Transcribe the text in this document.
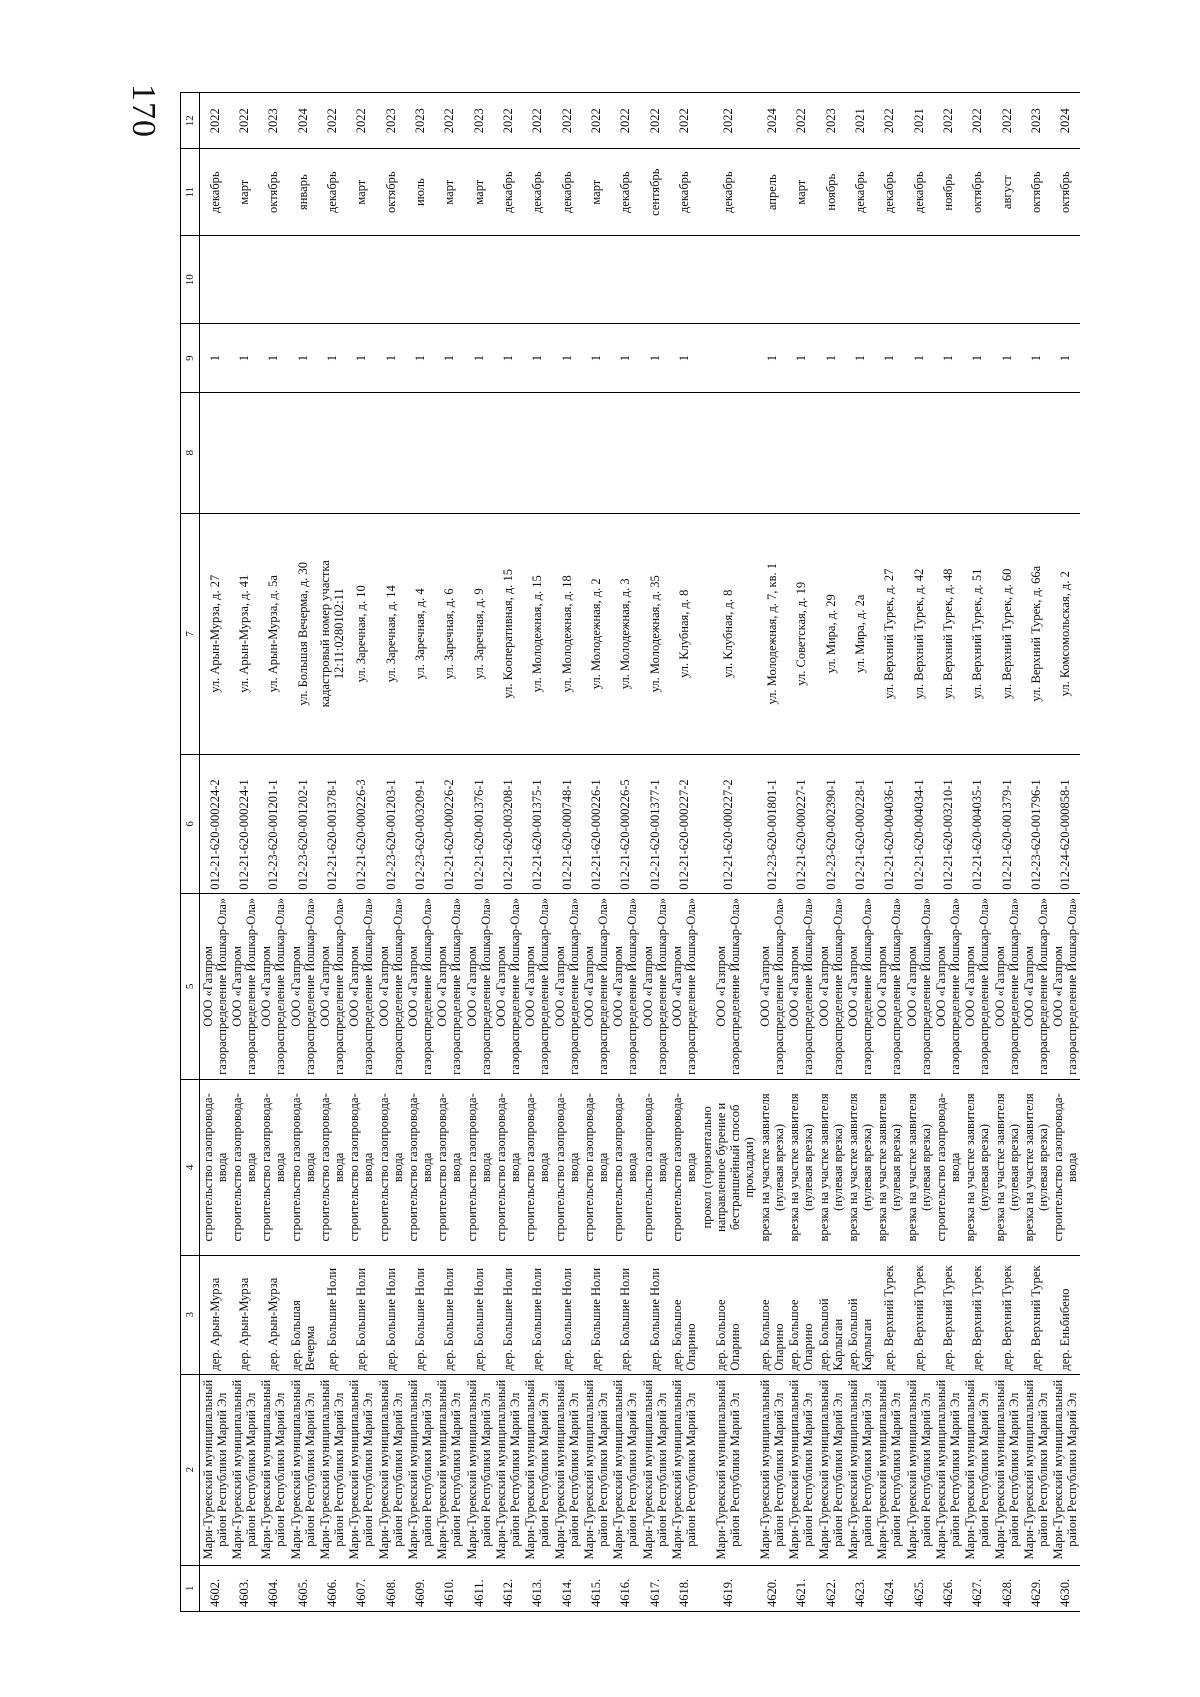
170
1	2	3	4	5	6	7	8	9	10	11	12
4602.	Мари-Турекский муниципальный район Республики Марий Эл	дер. Арын-Мурза	строительство газопровода-ввода	ООО «Газпром газораспределение Йошкар-Ола»	012-21-620-000224-2	ул. Арын-Мурза, д. 27		1		декабрь	2022
4603.	Мари-Турекский муниципальный район Республики Марий Эл	дер. Арын-Мурза	строительство газопровода-ввода	ООО «Газпром газораспределение Йошкар-Ола»	012-21-620-000224-1	ул. Арын-Мурза, д. 41		1		март	2022
4604.	Мари-Турекский муниципальный район Республики Марий Эл	дер. Арын-Мурза	строительство газопровода-ввода	ООО «Газпром газораспределение Йошкар-Ола»	012-23-620-001201-1	ул. Арын-Мурза, д. 5а		1		октябрь	2023
4605.	Мари-Турекский муниципальный район Республики Марий Эл	дер. Большая Вечерма	строительство газопровода-ввода	ООО «Газпром газораспределение Йошкар-Ола»	012-23-620-001202-1	ул. Большая Вечерма, д. 30		1		январь	2024
4606.	Мари-Турекский муниципальный район Республики Марий Эл	дер. Большие Ноли	строительство газопровода-ввода	ООО «Газпром газораспределение Йошкар-Ола»	012-21-620-001378-1	кадастровый номер участка 12:11:0280102:11		1		декабрь	2022
4607.	Мари-Турекский муниципальный район Республики Марий Эл	дер. Большие Ноли	строительство газопровода-ввода	ООО «Газпром газораспределение Йошкар-Ола»	012-21-620-000226-3	ул. Заречная, д. 10		1		март	2022
4608.	Мари-Турекский муниципальный район Республики Марий Эл	дер. Большие Ноли	строительство газопровода-ввода	ООО «Газпром газораспределение Йошкар-Ола»	012-23-620-001203-1	ул. Заречная, д. 14		1		октябрь	2023
4609.	Мари-Турекский муниципальный район Республики Марий Эл	дер. Большие Ноли	строительство газопровода-ввода	ООО «Газпром газораспределение Йошкар-Ола»	012-23-620-003209-1	ул. Заречная, д. 4		1		июль	2023
4610.	Мари-Турекский муниципальный район Республики Марий Эл	дер. Большие Ноли	строительство газопровода-ввода	ООО «Газпром газораспределение Йошкар-Ола»	012-21-620-000226-2	ул. Заречная, д. 6		1		март	2022
4611.	Мари-Турекский муниципальный район Республики Марий Эл	дер. Большие Ноли	строительство газопровода-ввода	ООО «Газпром газораспределение Йошкар-Ола»	012-21-620-001376-1	ул. Заречная, д. 9		1		март	2023
4612.	Мари-Турекский муниципальный район Республики Марий Эл	дер. Большие Ноли	строительство газопровода-ввода	ООО «Газпром газораспределение Йошкар-Ола»	012-21-620-003208-1	ул. Кооперативная, д. 15		1		декабрь	2022
4613.	Мари-Турекский муниципальный район Республики Марий Эл	дер. Большие Ноли	строительство газопровода-ввода	ООО «Газпром газораспределение Йошкар-Ола»	012-21-620-001375-1	ул. Молодежная, д. 15		1		декабрь	2022
4614.	Мари-Турекский муниципальный район Республики Марий Эл	дер. Большие Ноли	строительство газопровода-ввода	ООО «Газпром газораспределение Йошкар-Ола»	012-21-620-000748-1	ул. Молодежная, д. 18		1		декабрь	2022
4615.	Мари-Турекский муниципальный район Республики Марий Эл	дер. Большие Ноли	строительство газопровода-ввода	ООО «Газпром газораспределение Йошкар-Ола»	012-21-620-000226-1	ул. Молодежная, д. 2		1		март	2022
4616.	Мари-Турекский муниципальный район Республики Марий Эл	дер. Большие Ноли	строительство газопровода-ввода	ООО «Газпром газораспределение Йошкар-Ола»	012-21-620-000226-5	ул. Молодежная, д. 3		1		декабрь	2022
4617.	Мари-Турекский муниципальный район Республики Марий Эл	дер. Большие Ноли	строительство газопровода-ввода	ООО «Газпром газораспределение Йошкар-Ола»	012-21-620-001377-1	ул. Молодежная, д. 35		1		сентябрь	2022
4618.	Мари-Турекский муниципальный район Республики Марий Эл	дер. Большое Опарино	строительство газопровода-ввода	ООО «Газпром газораспределение Йошкар-Ола»	012-21-620-000227-2	ул. Клубная, д. 8		1		декабрь	2022
4619.	Мари-Турекский муниципальный район Республики Марий Эл	дер. Большое Опарино	прокол (горизонтально направленное бурение и бестраншейный способ прокладки)	ООО «Газпром газораспределение Йошкар-Ола»	012-21-620-000227-2	ул. Клубная, д. 8				декабрь	2022
4620.	Мари-Турекский муниципальный район Республики Марий Эл	дер. Большое Опарино	врезка на участке заявителя (нулевая врезка)	ООО «Газпром газораспределение Йошкар-Ола»	012-23-620-001801-1	ул. Молодежная, д. 7, кв. 1		1		апрель	2024
4621.	Мари-Турекский муниципальный район Республики Марий Эл	дер. Большое Опарино	врезка на участке заявителя (нулевая врезка)	ООО «Газпром газораспределение Йошкар-Ола»	012-21-620-000227-1	ул. Советская, д. 19		1		март	2022
4622.	Мари-Турекский муниципальный район Республики Марий Эл	дер. Большой Карлыган	врезка на участке заявителя (нулевая врезка)	ООО «Газпром газораспределение Йошкар-Ола»	012-23-620-002390-1	ул. Мира, д. 29		1		ноябрь	2023
4623.	Мари-Турекский муниципальный район Республики Марий Эл	дер. Большой Карлыган	врезка на участке заявителя (нулевая врезка)	ООО «Газпром газораспределение Йошкар-Ола»	012-21-620-000228-1	ул. Мира, д. 2а		1		декабрь	2021
4624.	Мари-Турекский муниципальный район Республики Марий Эл	дер. Верхний Турек	врезка на участке заявителя (нулевая врезка)	ООО «Газпром газораспределение Йошкар-Ола»	012-21-620-004036-1	ул. Верхний Турек, д. 27		1		декабрь	2022
4625.	Мари-Турекский муниципальный район Республики Марий Эл	дер. Верхний Турек	врезка на участке заявителя (нулевая врезка)	ООО «Газпром газораспределение Йошкар-Ола»	012-21-620-004034-1	ул. Верхний Турек, д. 42		1		декабрь	2021
4626.	Мари-Турекский муниципальный район Республики Марий Эл	дер. Верхний Турек	строительство газопровода-ввода	ООО «Газпром газораспределение Йошкар-Ола»	012-21-620-003210-1	ул. Верхний Турек, д. 48		1		ноябрь	2022
4627.	Мари-Турекский муниципальный район Республики Марий Эл	дер. Верхний Турек	врезка на участке заявителя (нулевая врезка)	ООО «Газпром газораспределение Йошкар-Ола»	012-21-620-004035-1	ул. Верхний Турек, д. 51		1		октябрь	2022
4628.	Мари-Турекский муниципальный район Республики Марий Эл	дер. Верхний Турек	врезка на участке заявителя (нулевая врезка)	ООО «Газпром газораспределение Йошкар-Ола»	012-21-620-001379-1	ул. Верхний Турек, д. 60		1		август	2022
4629.	Мари-Турекский муниципальный район Республики Марий Эл	дер. Верхний Турек	врезка на участке заявителя (нулевая врезка)	ООО «Газпром газораспределение Йошкар-Ола»	012-23-620-001796-1	ул. Верхний Турек, д. 66а		1		октябрь	2023
4630.	Мари-Турекский муниципальный район Республики Марий Эл	дер. Еньбибено	строительство газопровода-ввода	ООО «Газпром газораспределение Йошкар-Ола»	012-24-620-000858-1	ул. Комсомольская, д. 2		1		октябрь	2024
